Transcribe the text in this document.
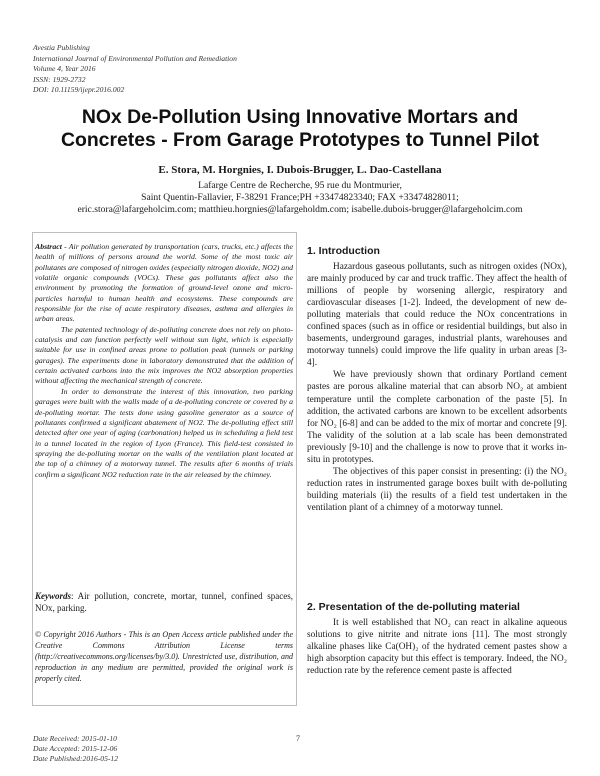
Avestia Publishing
International Journal of Environmental Pollution and Remediation
Volume 4, Year 2016
ISSN: 1929-2732
DOI: 10.11159/ijepr.2016.002
NOx De-Pollution Using Innovative Mortars and
Concretes - From Garage Prototypes to Tunnel Pilot
E. Stora, M. Horgnies, I. Dubois-Brugger, L. Dao-Castellana
Lafarge Centre de Recherche, 95 rue du Montmurier,
Saint Quentin-Fallavier, F-38291 France;PH +33474823340; FAX +33474828011;
eric.stora@lafargeholcim.com; matthieu.horgnies@lafargeholdm.com; isabelle.dubois-brugger@lafargeholcim.com

Abstract - Air pollution generated by transportation (cars, trucks, etc.) affects the health of millions of persons around the world. Some of the most toxic air pollutants are composed of nitrogen oxides (especially nitrogen dioxide, NO2) and volatile organic compounds (VOCs). These gas pollutants affect also the environment by promoting the formation of ground-level ozone and micro-particles harmful to human health and ecosystems. These compounds are responsible for the rise of acute respiratory diseases, asthma and allergies in urban areas.

The patented technology of de-polluting concrete does not rely on photo-catalysis and can function perfectly well without sun light, which is especially suitable for use in confined areas prone to pollution peak (tunnels or parking garages). The experiments done in laboratory demonstrated that the addition of certain activated carbons into the mix improves the NO2 absorption properties without affecting the mechanical strength of concrete.

In order to demonstrate the interest of this innovation, two parking garages were built with the walls made of a de-polluting concrete or covered by a de-polluting mortar. The tests done using gasoline generator as a source of pollutants confirmed a significant abatement of NO2. The de-polluting effect still detected after one year of aging (carbonation) helped us in scheduling a field test in a tunnel located in the region of Lyon (France). This field-test consisted in spraying the de-polluting mortar on the walls of the ventilation plant located at the top of a chimney of a motorway tunnel. The results after 6 months of trials confirm a significant NO2 reduction rate in the air released by the chimney.

Keywords: Air pollution, concrete, mortar, tunnel, confined spaces, NOx, parking.
© Copyright 2016 Authors - This is an Open Access article published under the Creative Commons Attribution License terms (http://creativecommons.org/licenses/by/3.0). Unrestricted use, distribution, and reproduction in any medium are permitted, provided the original work is properly cited.
1. Introduction

Hazardous gaseous pollutants, such as nitrogen oxides (NOx), are mainly produced by car and truck traffic. They affect the health of millions of people by worsening allergic, respiratory and cardiovascular diseases [1-2]. Indeed, the development of new de-polluting materials that could reduce the NOx concentrations in confined spaces (such as in office or residential buildings, but also in basements, underground garages, industrial plants, warehouses and motorway tunnels) could improve the life quality in urban areas [3-4].

We have previously shown that ordinary Portland cement pastes are porous alkaline material that can absorb NO₂ at ambient temperature until the complete carbonation of the paste [5]. In addition, the activated carbons are known to be excellent adsorbents for NO₂ [6-8] and can be added to the mix of mortar and concrete [9]. The validity of the solution at a lab scale has been demonstrated previously [9-10] and the challenge is now to prove that it works in-situ in prototypes.

The objectives of this paper consist in presenting: (i) the NO₂ reduction rates in instrumented garage boxes built with de-polluting building materials (ii) the results of a field test undertaken in the ventilation plant of a chimney of a motorway tunnel.

2. Presentation of the de-polluting material

It is well established that NO₂ can react in alkaline aqueous solutions to give nitrite and nitrate ions [11]. The most strongly alkaline phases like Ca(OH)₂ of the hydrated cement pastes show a high absorption capacity but this effect is temporary. Indeed, the NO₂ reduction rate by the reference cement paste is affected

Date Received: 2015-01-10
Date Accepted: 2015-12-06
Date Published:2016-05-12
7
